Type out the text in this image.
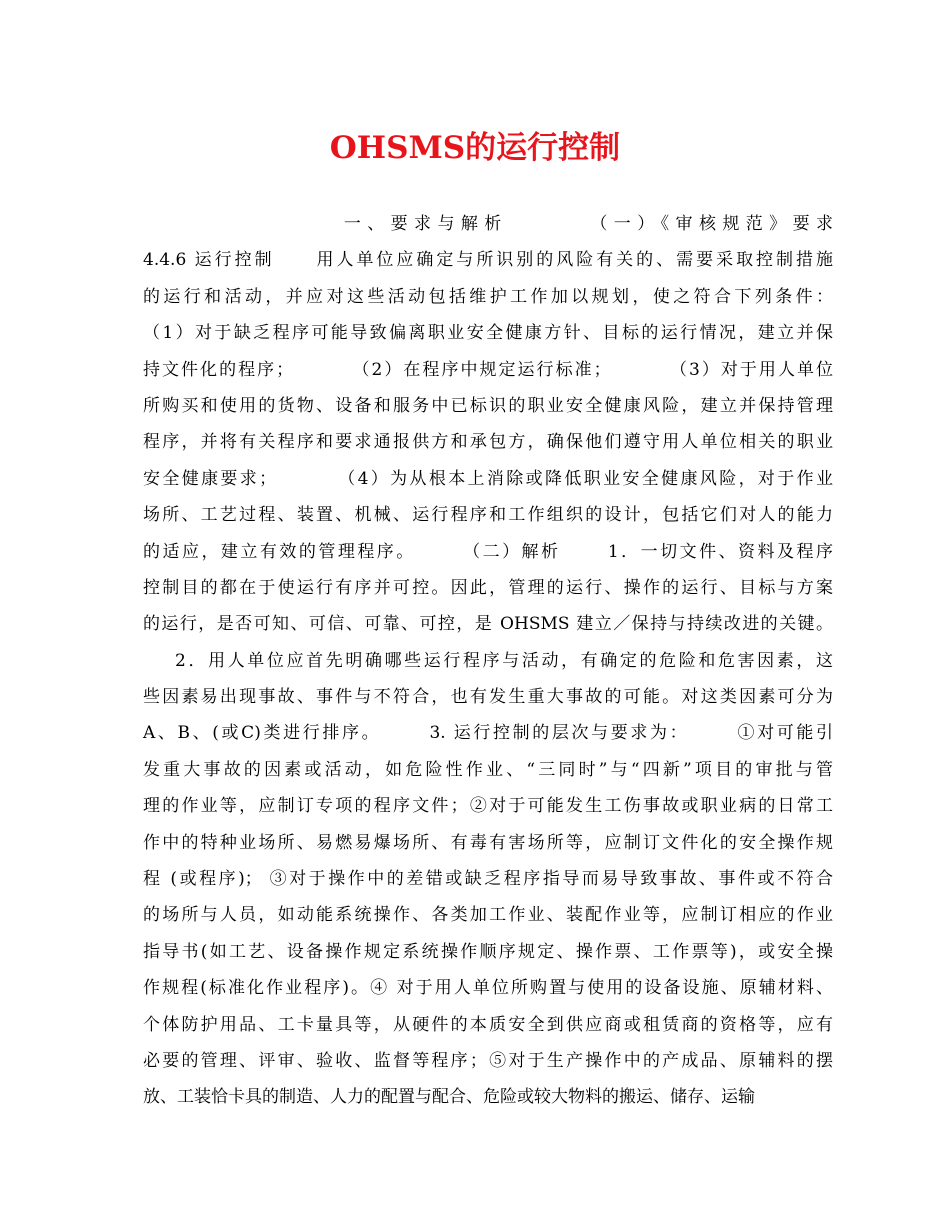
OHSMS的运行控制
一、要求与解析       （一）《审核规范》要求
4.4.6 运行控制     用人单位应确定与所识别的风险有关的、需要采取控制措施
的运行和活动，并应对这些活动包括维护工作加以规划，使之符合下列条件：
（1）对于缺乏程序可能导致偏离职业安全健康方针、目标的运行情况，建立并保
持文件化的程序；        （2）在程序中规定运行标准；        （3）对于用人单位
所购买和使用的货物、设备和服务中已标识的职业安全健康风险，建立并保持管理
程序，并将有关程序和要求通报供方和承包方，确保他们遵守用人单位相关的职业
安全健康要求；        （4）为从根本上消除或降低职业安全健康风险，对于作业
场所、工艺过程、装置、机械、运行程序和工作组织的设计，包括它们对人的能力
的适应，建立有效的管理程序。      （二）解析      1．一切文件、资料及程序
控制目的都在于使运行有序并可控。因此，管理的运行、操作的运行、目标与方案
的运行，是否可知、可信、可靠、可控，是 OHSMS 建立／保持与持续改进的关键。
2．用人单位应首先明确哪些运行程序与活动，有确定的危险和危害因素，这
些因素易出现事故、事件与不符合，也有发生重大事故的可能。对这类因素可分为
A、B、(或C)类进行排序。      3. 运行控制的层次与要求为：      ①对可能引
发重大事故的因素或活动，如危险性作业、“三同时”与“四新”项目的审批与管
理的作业等，应制订专项的程序文件；②对于可能发生工伤事故或职业病的日常工
作中的特种业场所、易燃易爆场所、有毒有害场所等，应制订文件化的安全操作规
程 (或程序)； ③对于操作中的差错或缺乏程序指导而易导致事故、事件或不符合
的场所与人员，如动能系统操作、各类加工作业、装配作业等，应制订相应的作业
指导书(如工艺、设备操作规定系统操作顺序规定、操作票、工作票等)，或安全操
作规程(标准化作业程序)。④ 对于用人单位所购置与使用的设备设施、原辅材料、
个体防护用品、工卡量具等，从硬件的本质安全到供应商或租赁商的资格等，应有
必要的管理、评审、验收、监督等程序；⑤对于生产操作中的产成品、原辅料的摆
放、工装恰卡具的制造、人力的配置与配合、危险或较大物料的搬运、储存、运输
